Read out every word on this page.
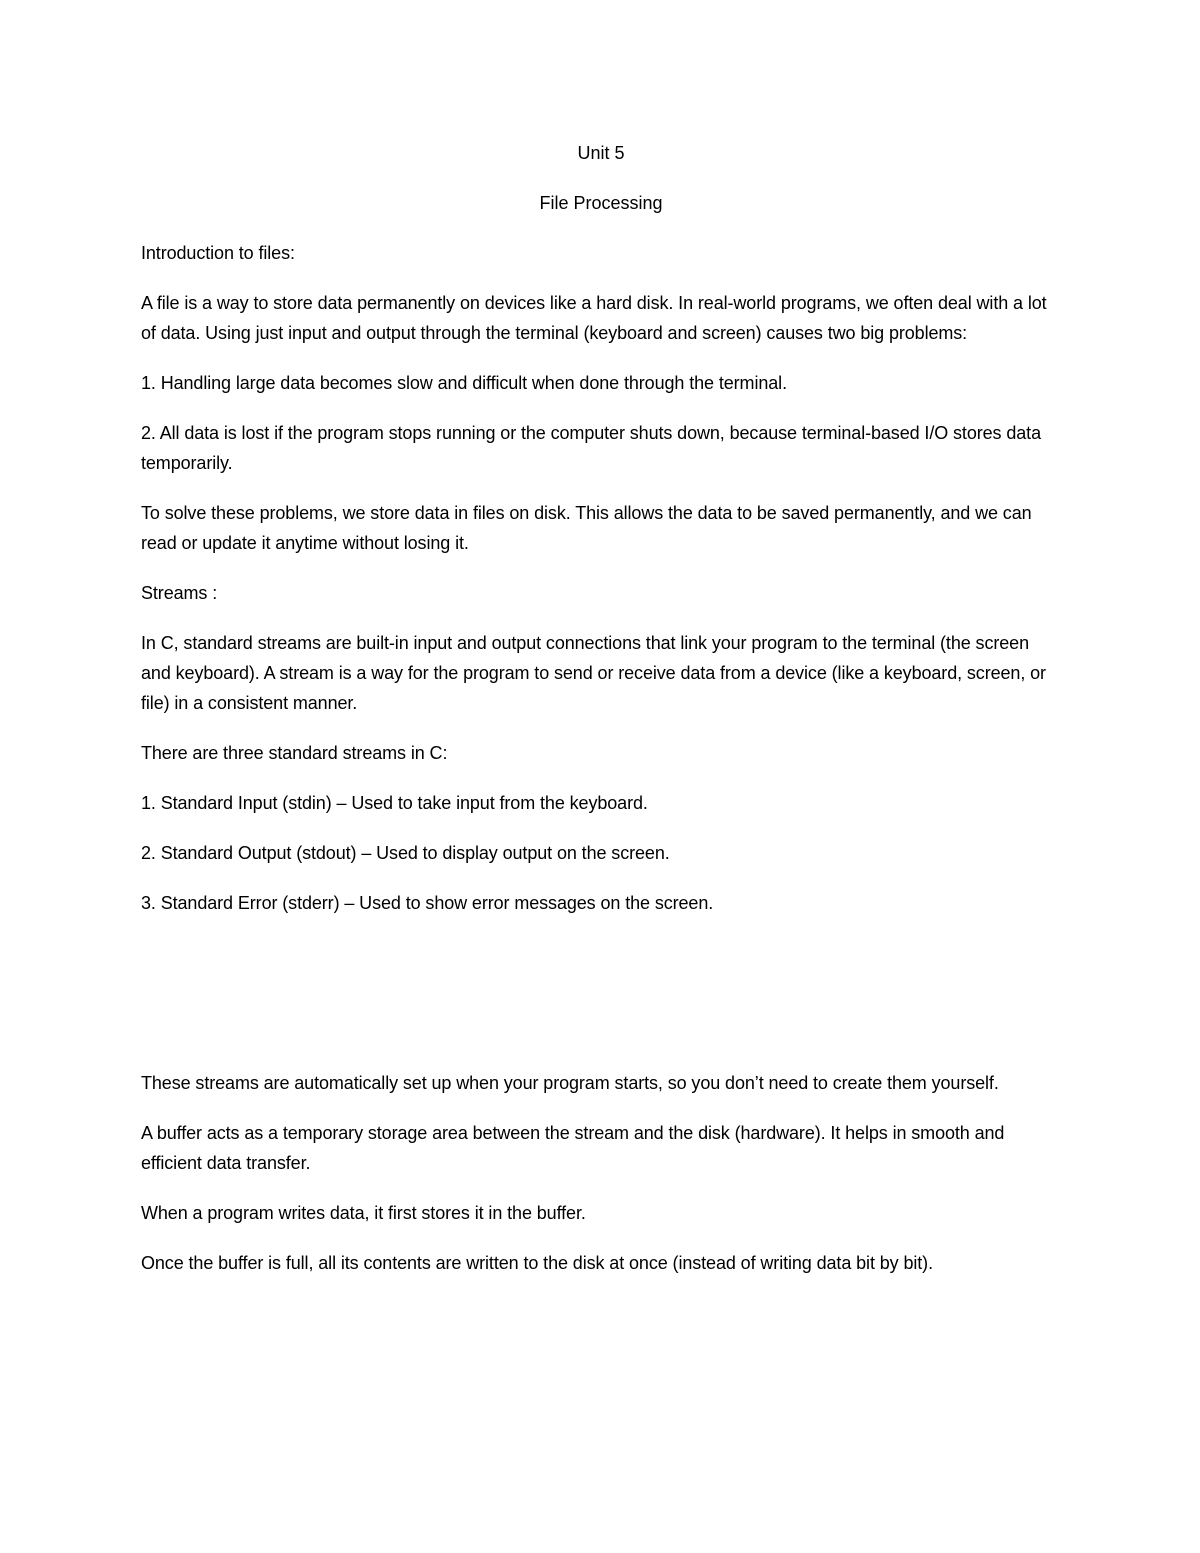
Unit 5

File Processing

Introduction to files:

A file is a way to store data permanently on devices like a hard disk. In real-world programs, we often deal with a lot of data. Using just input and output through the terminal (keyboard and screen) causes two big problems:

1. Handling large data becomes slow and difficult when done through the terminal.

2. All data is lost if the program stops running or the computer shuts down, because terminal-based I/O stores data temporarily.

To solve these problems, we store data in files on disk. This allows the data to be saved permanently, and we can read or update it anytime without losing it.

Streams :

In C, standard streams are built-in input and output connections that link your program to the terminal (the screen and keyboard). A stream is a way for the program to send or receive data from a device (like a keyboard, screen, or file) in a consistent manner.

There are three standard streams in C:

1. Standard Input (stdin) – Used to take input from the keyboard.

2. Standard Output (stdout) – Used to display output on the screen.

3. Standard Error (stderr) – Used to show error messages on the screen.

These streams are automatically set up when your program starts, so you don’t need to create them yourself.

A buffer acts as a temporary storage area between the stream and the disk (hardware). It helps in smooth and efficient data transfer.

When a program writes data, it first stores it in the buffer.

Once the buffer is full, all its contents are written to the disk at once (instead of writing data bit by bit).
